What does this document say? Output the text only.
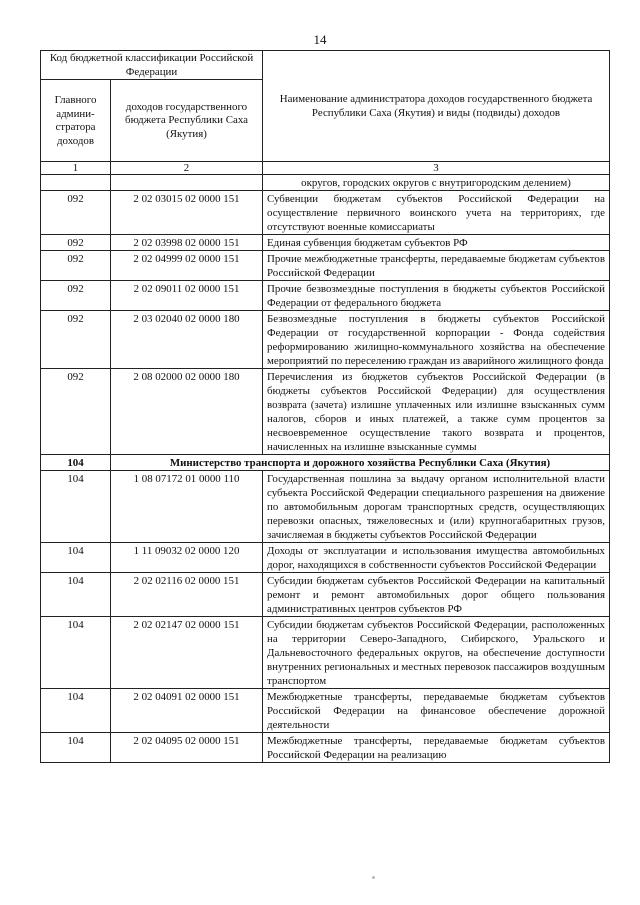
14
Код бюджетной классификации Российской Федерации		Наименование администратора доходов государственного бюджета Республики Саха (Якутия) и виды (подвиды) доходов
Главного админи-стратора доходов	доходов государственного бюджета Республики Саха (Якутия)	
1	2	3
		округов, городских округов с внутригородским делением)
092	2 02 03015 02 0000 151	Субвенции бюджетам субъектов Российской Федерации на осуществление первичного воинского учета на территориях, где отсутствуют военные комиссариаты
092	2 02 03998 02 0000 151	Единая субвенция бюджетам субъектов РФ
092	2 02 04999 02 0000 151	Прочие межбюджетные трансферты, передаваемые бюджетам субъектов Российской Федерации
092	2 02 09011 02 0000 151	Прочие безвозмездные поступления в бюджеты субъектов Российской Федерации от федерального бюджета
092	2 03 02040 02 0000 180	Безвозмездные поступления в бюджеты субъектов Российской Федерации от государственной корпорации - Фонда содействия реформированию жилищно-коммунального хозяйства на обеспечение мероприятий по переселению граждан из аварийного жилищного фонда
092	2 08 02000 02 0000 180	Перечисления из бюджетов субъектов Российской Федерации (в бюджеты субъектов Российской Федерации) для осуществления возврата (зачета) излишне уплаченных или излишне взысканных сумм налогов, сборов и иных платежей, а также сумм процентов за несвоевременное осуществление такого возврата и процентов, начисленных на излишне взысканные суммы
104	Министерство транспорта и дорожного хозяйства Республики Саха (Якутия)	
104	1 08 07172 01 0000 110	Государственная пошлина за выдачу органом исполнительной власти субъекта Российской Федерации специального разрешения на движение по автомобильным дорогам транспортных средств, осуществляющих перевозки опасных, тяжеловесных и (или) крупногабаритных грузов, зачисляемая в бюджеты субъектов Российской Федерации
104	1 11 09032 02 0000 120	Доходы от эксплуатации и использования имущества автомобильных дорог, находящихся в собственности субъектов Российской Федерации
104	2 02 02116 02 0000 151	Субсидии бюджетам субъектов Российской Федерации на капитальный ремонт и ремонт автомобильных дорог общего пользования административных центров субъектов РФ
104	2 02 02147 02 0000 151	Субсидии бюджетам субъектов Российской Федерации, расположенных на территории Северо-Западного, Сибирского, Уральского и Дальневосточного федеральных округов, на обеспечение доступности внутренних региональных и местных перевозок пассажиров воздушным транспортом
104	2 02 04091 02 0000 151	Межбюджетные трансферты, передаваемые бюджетам субъектов Российской Федерации на финансовое обеспечение дорожной деятельности
104	2 02 04095 02 0000 151	Межбюджетные трансферты, передаваемые бюджетам субъектов Российской Федерации на реализацию
